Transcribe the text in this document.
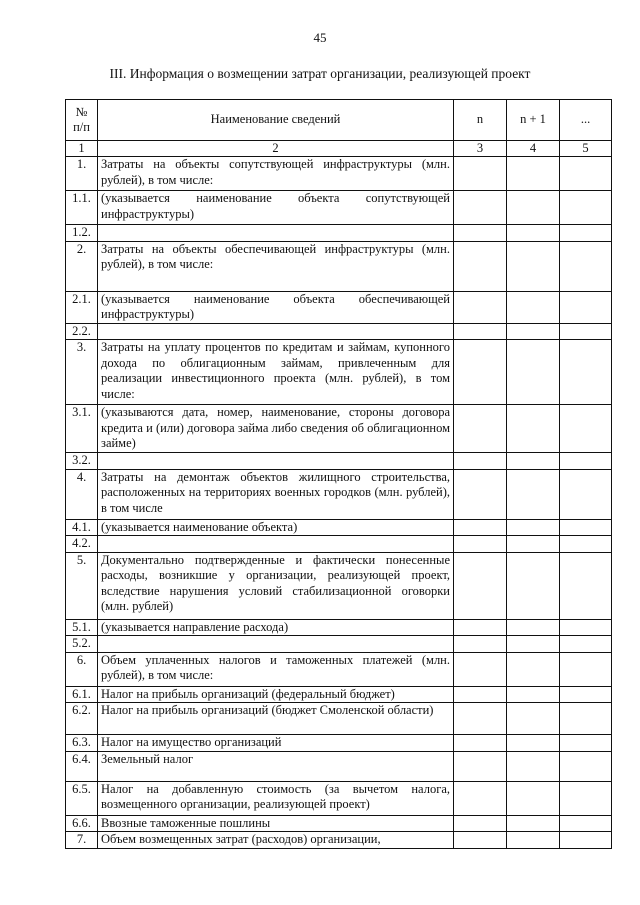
45
III. Информация о возмещении затрат организации, реализующей проект
№ п/п	Наименование сведений	n	n + 1	...
1	2	3	4	5
1.	Затраты на объекты сопутствующей инфраструктуры (млн. рублей), в том числе:			
1.1.	(указывается наименование объекта сопутствующей инфраструктуры)			
1.2.				
2.	Затраты на объекты обеспечивающей инфраструктуры (млн. рублей), в том числе:			
2.1.	(указывается наименование объекта обеспечивающей инфраструктуры)			
2.2.				
3.	Затраты на уплату процентов по кредитам и займам, купонного дохода по облигационным займам, привлеченным для реализации инвестиционного проекта (млн. рублей), в том числе:			
3.1.	(указываются дата, номер, наименование, стороны договора кредита и (или) договора займа либо сведения об облигационном займе)			
3.2.				
4.	Затраты на демонтаж объектов жилищного строительства, расположенных на территориях военных городков (млн. рублей), в том числе			
4.1.	(указывается наименование объекта)			
4.2.				
5.	Документально подтвержденные и фактически понесенные расходы, возникшие у организации, реализующей проект, вследствие нарушения условий стабилизационной оговорки (млн. рублей)			
5.1.	(указывается направление расхода)			
5.2.				
6.	Объем уплаченных налогов и таможенных платежей (млн. рублей), в том числе:			
6.1.	Налог на прибыль организаций (федеральный бюджет)			
6.2.	Налог на прибыль организаций (бюджет Смоленской области)			
6.3.	Налог на имущество организаций			
6.4.	Земельный налог			
6.5.	Налог на добавленную стоимость (за вычетом налога, возмещенного организации, реализующей проект)			
6.6.	Ввозные таможенные пошлины			
7.	Объем возмещенных затрат (расходов) организации,			
